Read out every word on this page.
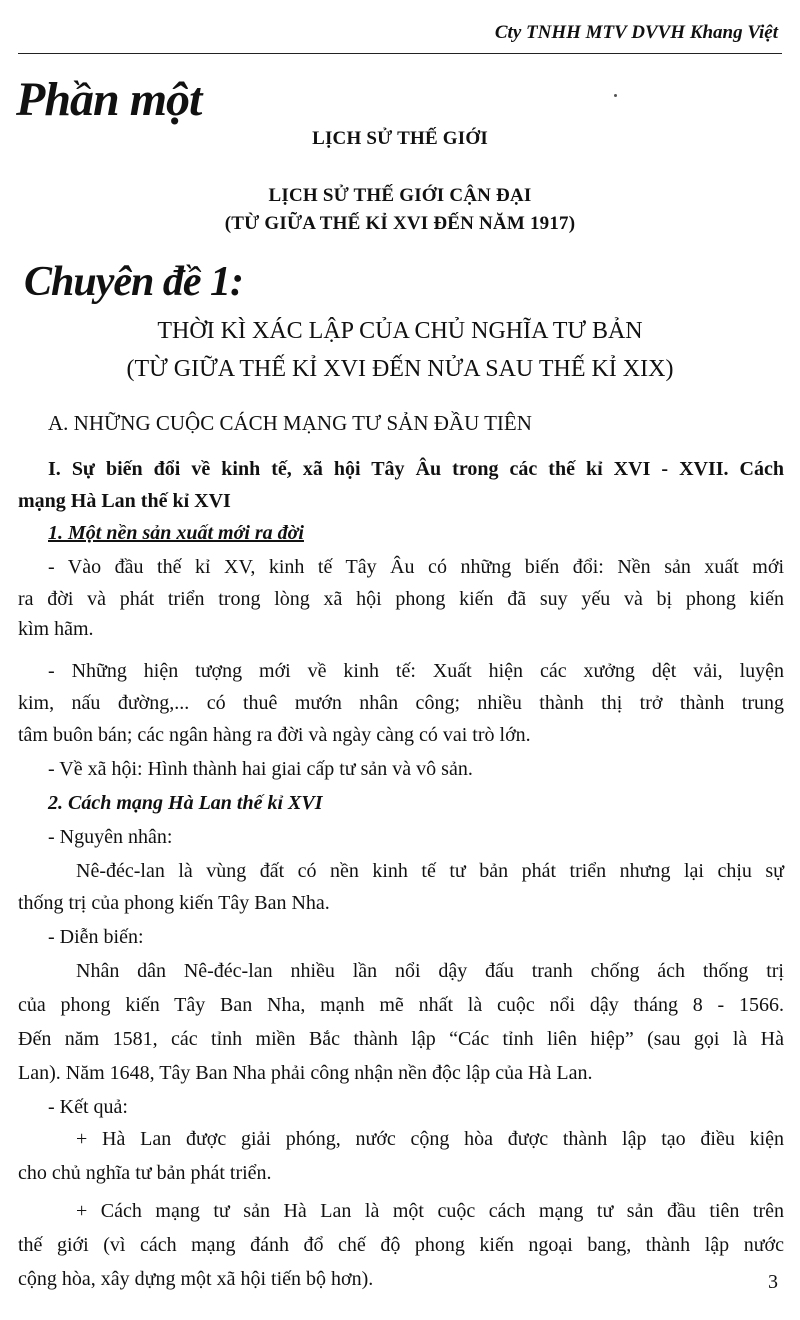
Cty TNHH MTV DVVH Khang Việt
Phần một
LỊCH SỬ THẾ GIỚI
LỊCH SỬ THẾ GIỚI CẬN ĐẠI
(TỪ GIỮA THẾ KỈ XVI ĐẾN NĂM 1917)
Chuyên đề 1:
THỜI KÌ XÁC LẬP CỦA CHỦ NGHĨA TƯ BẢN
(TỪ GIỮA THẾ KỈ XVI ĐẾN NỬA SAU THẾ KỈ XIX)
A. NHỮNG CUỘC CÁCH MẠNG TƯ SẢN ĐẦU TIÊN
I. Sự biến đổi về kinh tế, xã hội Tây Âu trong các thế kỉ XVI - XVII. Cách
mạng Hà Lan thế kỉ XVI
1. Một nền sản xuất mới ra đời
- Vào đầu thế kỉ XV, kinh tế Tây Âu có những biến đổi: Nền sản xuất mới
ra đời và phát triển trong lòng xã hội phong kiến đã suy yếu và bị phong kiến
kìm hãm.
- Những hiện tượng mới về kinh tế: Xuất hiện các xưởng dệt vải, luyện
kim, nấu đường,... có thuê mướn nhân công; nhiều thành thị trở thành trung
tâm buôn bán; các ngân hàng ra đời và ngày càng có vai trò lớn.
- Về xã hội: Hình thành hai giai cấp tư sản và vô sản.
2. Cách mạng Hà Lan thế kỉ XVI
- Nguyên nhân:
Nê-đéc-lan là vùng đất có nền kinh tế tư bản phát triển nhưng lại chịu sự
thống trị của phong kiến Tây Ban Nha.
- Diễn biến:
Nhân dân Nê-đéc-lan nhiều lần nổi dậy đấu tranh chống ách thống trị
của phong kiến Tây Ban Nha, mạnh mẽ nhất là cuộc nổi dậy tháng 8 - 1566.
Đến năm 1581, các tỉnh miền Bắc thành lập “Các tỉnh liên hiệp” (sau gọi là Hà
Lan). Năm 1648, Tây Ban Nha phải công nhận nền độc lập của Hà Lan.
- Kết quả:
+ Hà Lan được giải phóng, nước cộng hòa được thành lập tạo điều kiện
cho chủ nghĩa tư bản phát triển.
+ Cách mạng tư sản Hà Lan là một cuộc cách mạng tư sản đầu tiên trên
thế giới (vì cách mạng đánh đổ chế độ phong kiến ngoại bang, thành lập nước
cộng hòa, xây dựng một xã hội tiến bộ hơn).	3
